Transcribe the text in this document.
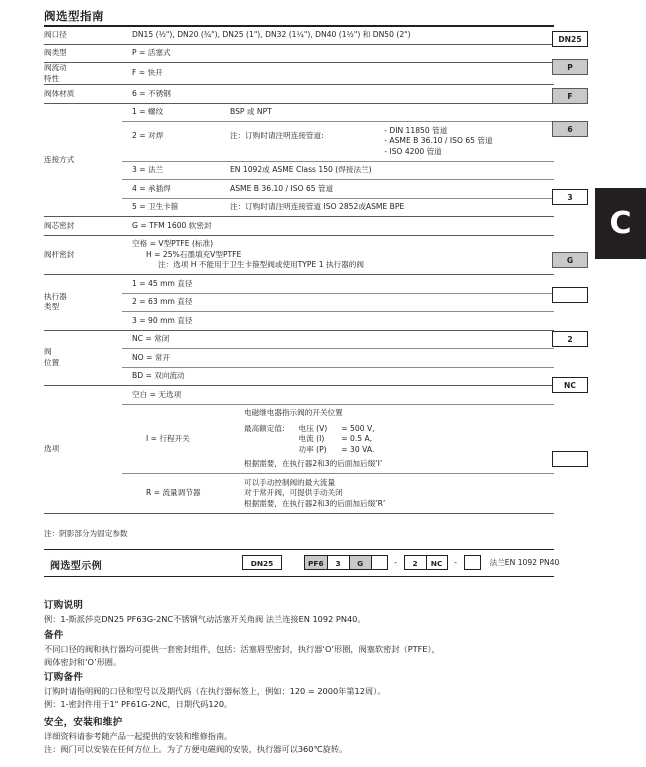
阀选型指南
阀口径		DN15 (½"), DN20 (¾"), DN25 (1"), DN32 (1¼"), DN40 (1½") 和 DN50 (2")

阀类型		P = 活塞式

阀流动
特性

F = 快开

阀体材质		6 = 不锈钢

连接方式	
1 = 螺纹	BSP 或 NPT	
2 = 对焊	注：订购时请注明连接管道:	
- DIN 11850 管道
- ASME B 36.10 / ISO 65 管道
- ISO 4200 管道

3 = 法兰	EN 1092或 ASME Class 150 (焊接法兰)
4 = 承插焊	ASME B 36.10 / ISO 65 管道
5 = 卫生卡箍	注：订购时请注明连接管道 ISO 2852或ASME BPE

阀芯密封		G = TFM 1600 软密封

阀杆密封	
空格 = V型PTFE (标准)
H = 25%石墨填充V型PTFE
注：选项 H 不能用于卫生卡箍型阀或使用TYPE 1 执行器的阀

执行器
类型

1 = 45 mm 直径
2 = 63 mm 直径
3 = 90 mm 直径

阀
位置

NC = 常闭
NO = 常开
BD = 双向流动

选项	
空白 = 无选项
I = 行程开关	
电磁继电器指示阀的开关位置
最高额定值:	电压 (V)	= 500 V,
电流 (I)	= 0.5 A,
功率 (P)	= 30 VA.
根据需要，在执行器2和3的后面加后缀‘I’

R = 流量调节器	
可以手动控制阀的最大流量
对于常开阀，可提供手动关闭
根据需要，在执行器2和3的后面加后缀‘R’

DN25
P
F
6
3
G
2
NC
C
注：阴影部分为固定参数
阀选型示例	DN25	PF6	3	G	-	2	NC	-	法兰EN 1092 PN40
订购说明
例：1-斯派莎克DN25 PF63G-2NC不锈钢气动活塞开关角阀 法兰连接EN 1092 PN40。
备件
不同口径的阀和执行器均可提供一套密封组件，包括：活塞唇型密封，执行器‘O’形圈，阀塞软密封（PTFE），
阀体密封和‘O’形圈。
订购备件
订购时请指明阀的口径和型号以及期代码（在执行器标签上，例如：120 = 2000年第12周）。
例：1-密封件用于1" PF61G-2NC，日期代码120。
安全，安装和维护
详细资料请参考随产品一起提供的安装和维修指南。
注：阀门可以安装在任何方位上。为了方便电磁阀的安装，执行器可以360℃旋转。
